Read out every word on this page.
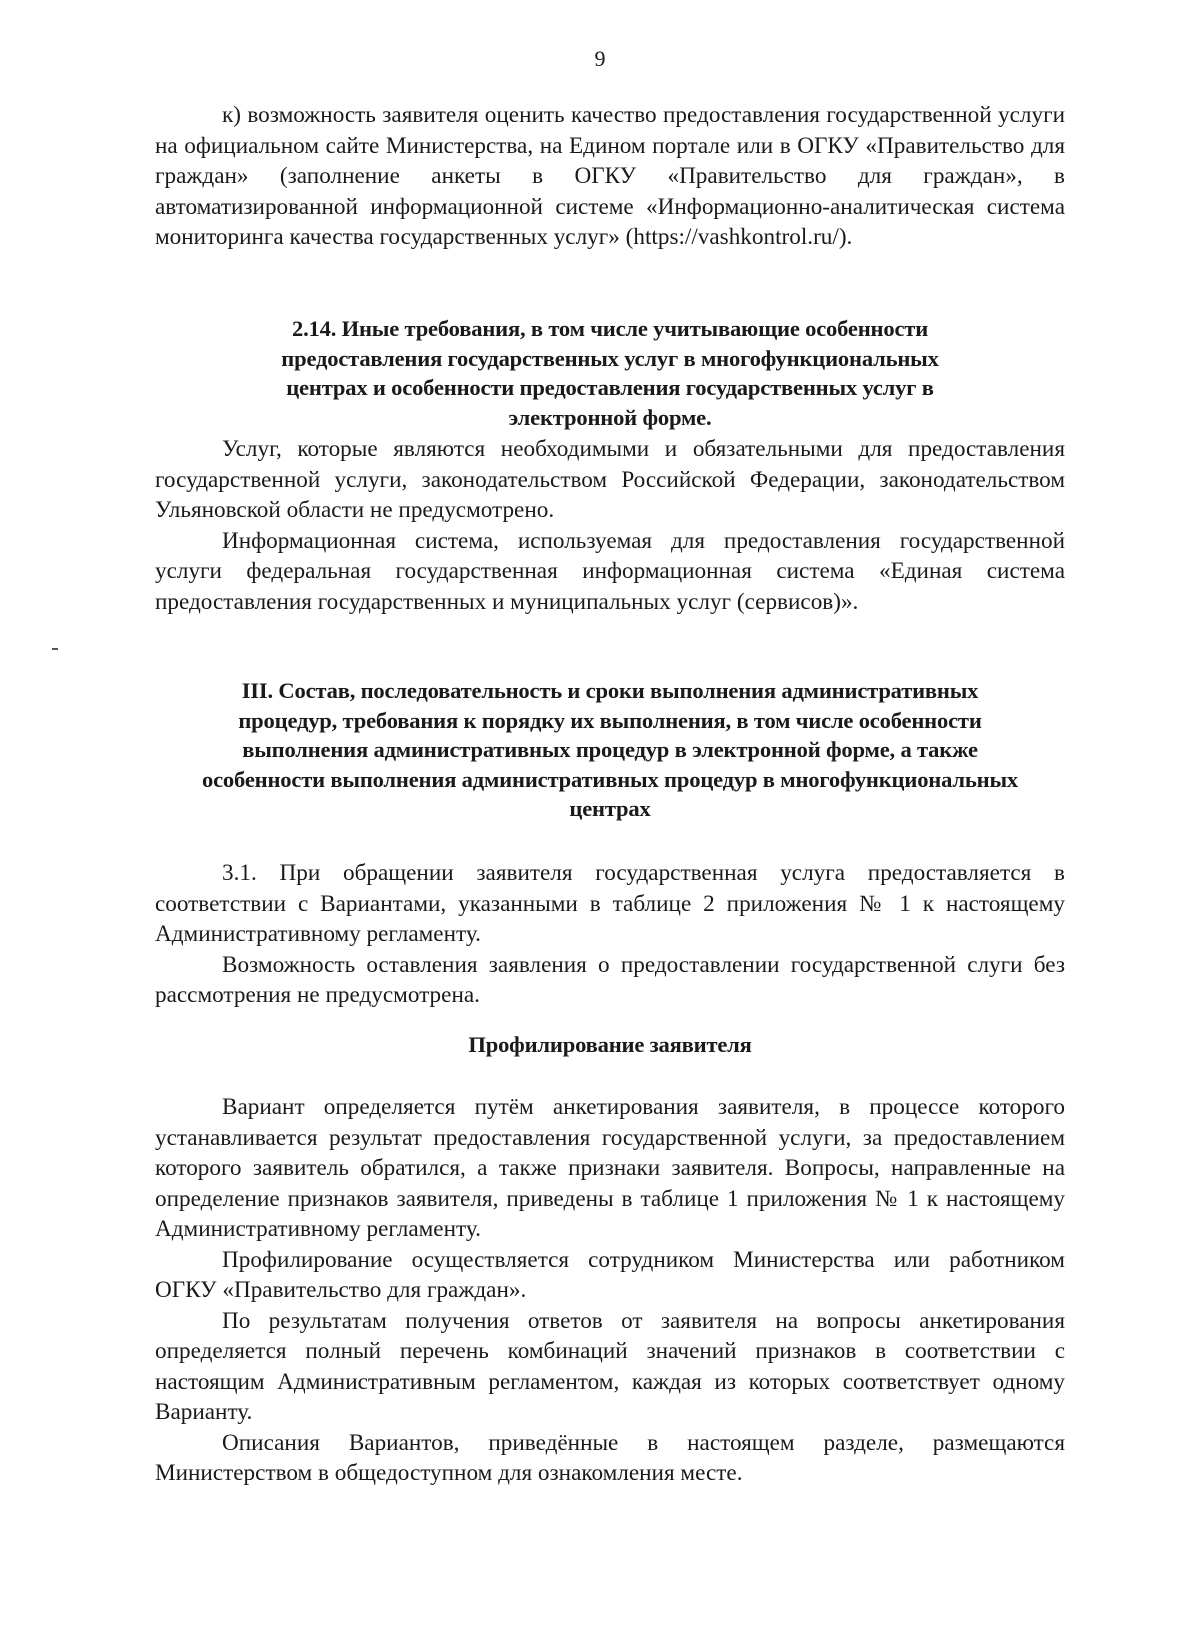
9

к) возможность заявителя оценить качество предоставления государственной услуги на официальном сайте Министерства, на Едином портале или в ОГКУ «Правительство для граждан» (заполнение анкеты в ОГКУ «Правительство для граждан», в автоматизированной информационной системе «Информационно-аналитическая система мониторинга качества государственных услуг» (https://vashkontrol.ru/).

2.14. Иные требования, в том числе учитывающие особенности предоставления государственных услуг в многофункциональных центрах и особенности предоставления государственных услуг в электронной форме.

Услуг, которые являются необходимыми и обязательными для предоставления государственной услуги, законодательством Российской Федерации, законодательством Ульяновской области не предусмотрено.

Информационная система, используемая для предоставления государственной услуги федеральная государственная информационная система «Единая система предоставления государственных и муниципальных услуг (сервисов)».

III. Состав, последовательность и сроки выполнения административных процедур, требования к порядку их выполнения, в том числе особенности выполнения административных процедур в электронной форме, а также особенности выполнения административных процедур в многофункциональных центрах

3.1. При обращении заявителя государственная услуга предоставляется в соответствии с Вариантами, указанными в таблице 2 приложения № 1 к настоящему Административному регламенту.

Возможность оставления заявления о предоставлении государственной слуги без рассмотрения не предусмотрена.

Профилирование заявителя

Вариант определяется путём анкетирования заявителя, в процессе которого устанавливается результат предоставления государственной услуги, за предоставлением которого заявитель обратился, а также признаки заявителя. Вопросы, направленные на определение признаков заявителя, приведены в таблице 1 приложения № 1 к настоящему Административному регламенту.

Профилирование осуществляется сотрудником Министерства или работником ОГКУ «Правительство для граждан».

По результатам получения ответов от заявителя на вопросы анкетирования определяется полный перечень комбинаций значений признаков в соответствии с настоящим Административным регламентом, каждая из которых соответствует одному Варианту.

Описания Вариантов, приведённые в настоящем разделе, размещаются Министерством в общедоступном для ознакомления месте.
